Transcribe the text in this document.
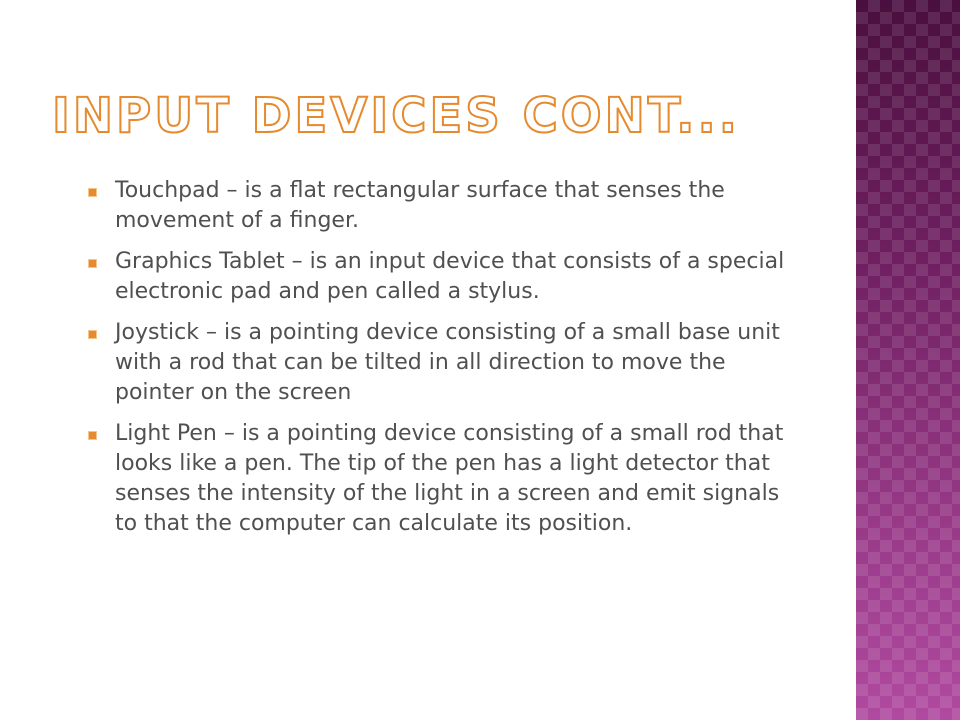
INPUT DEVICES CONT...
Touchpad – is a flat rectangular surface that senses the movement of a finger.
Graphics Tablet – is an input device that consists of a special electronic pad and pen called a stylus.
Joystick – is a pointing device consisting of a small base unit with a rod that can be tilted in all direction to move the pointer on the screen
Light Pen – is a pointing device consisting of a small rod that looks like a pen. The tip of the pen has a light detector that senses the intensity of the light in a screen and emit signals to that the computer can calculate its position.
